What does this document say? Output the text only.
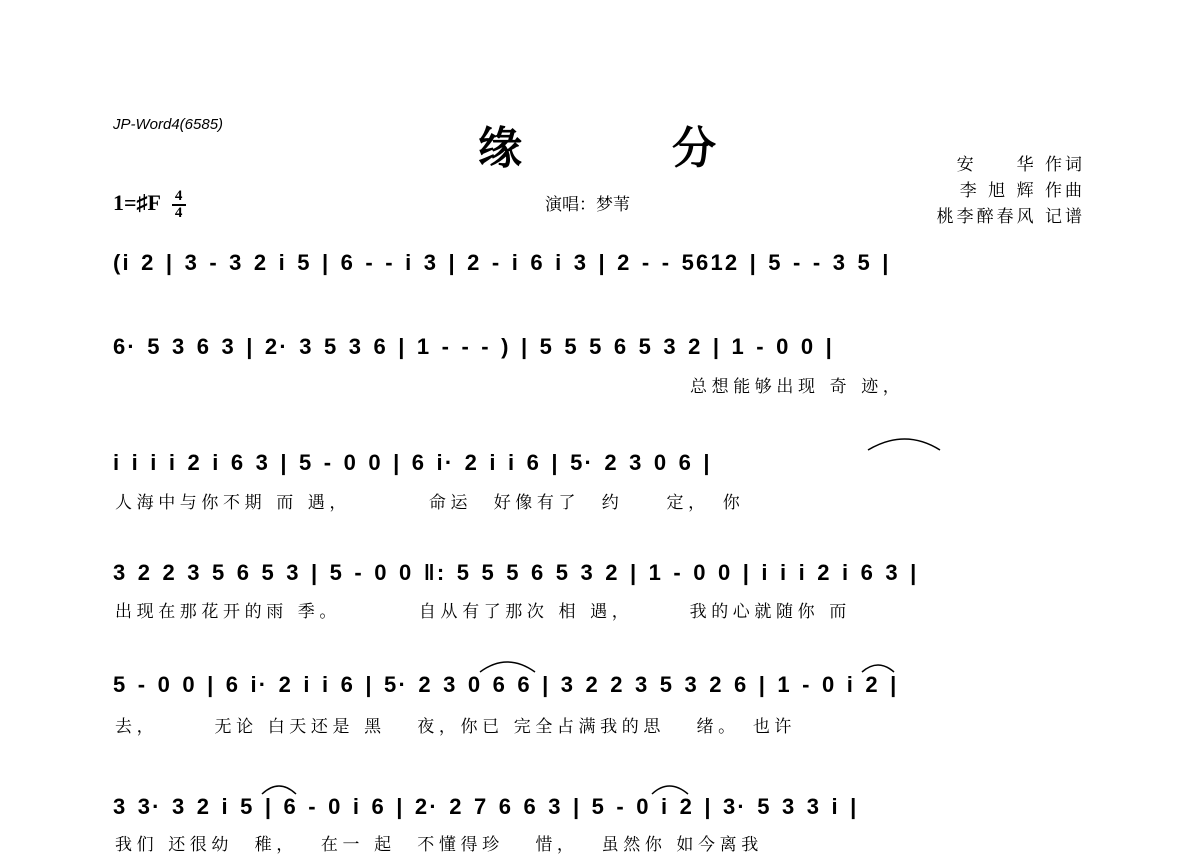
JP-Word4(6585)	缘	分
1=♯F $\frac{4}{4}$	演唱：梦苇
安　　华 作词
李 旭 辉 作曲
桃李醉春风 记谱
(i 2 | 3 - 3 2 i 5 | 6 - - i 3 | 2 - i 6 i 3 | 2 - - 5612 | 5 - - 3 5 |
6· 5 3 6 3 | 2· 3 5 3 6 | 1 - - - ) | 5 5 5 6 5 3 2 | 1 - 0 0 |
总想能够出现 奇 迹，
i i i i 2 i 6 3 | 5 - 0 0 | 6 i· 2 i i 6 | 5· 2 3 0 6 |
人海中与你不期 而 遇，　　　　命运　好像有了　约　　定，　你
3 2 2 3 5 6 5 3 | 5 - 0 0 ‖: 5 5 5 6 5 3 2 | 1 - 0 0 | i i i 2 i 6 3 |
出现在那花开的雨 季。　　　　自从有了那次 相 遇，　　　我的心就随你 而
5 - 0 0 | 6 i· 2 i i 6 | 5· 2 3 0 6 6 | 3 2 2 3 5 3 2 6 | 1 - 0 i 2 |
去，　　　无论 白天还是 黑　 夜，你已 完全占满我的思　 绪。　也许
3 3· 3 2 i 5 | 6 - 0 i 6 | 2· 2 7 6 6 3 | 5 - 0 i 2 | 3· 5 3 3 i |
我们 还很幼　稚，　 在一 起　不懂得珍　 惜，　 虽然你 如今离我
